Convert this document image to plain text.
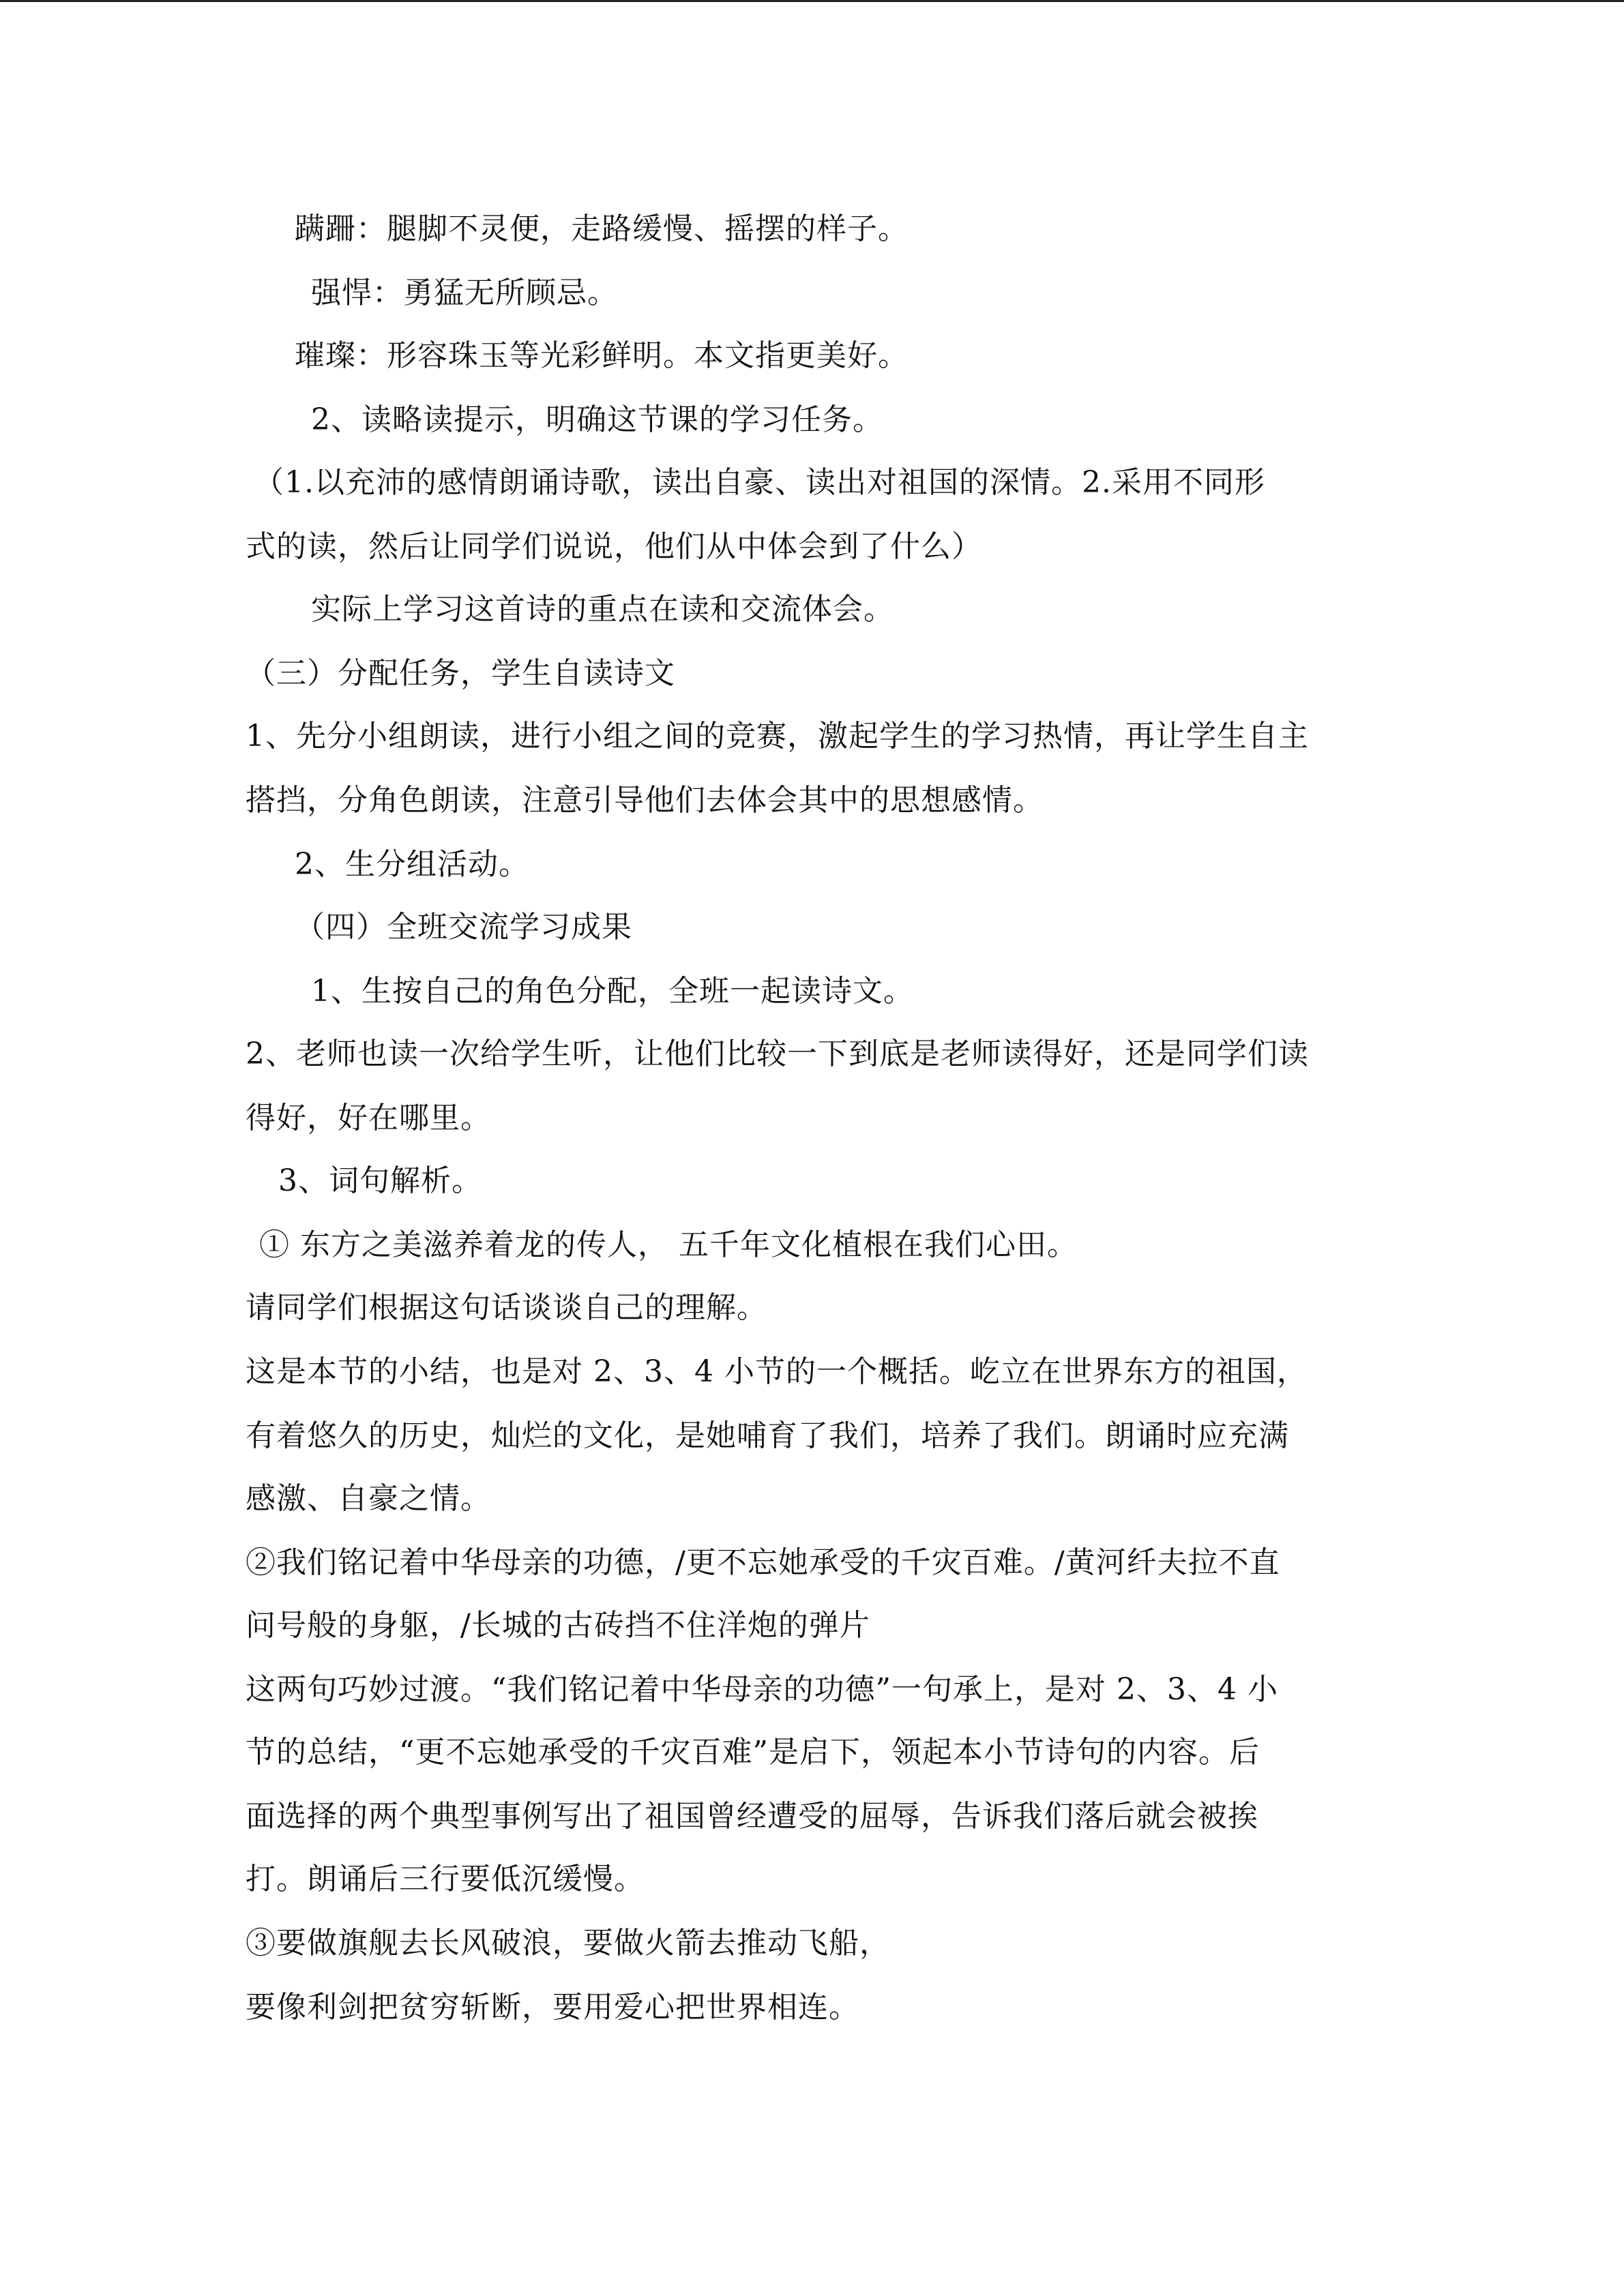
蹒跚：腿脚不灵便，走路缓慢、摇摆的样子。
强悍：勇猛无所顾忌。
璀璨：形容珠玉等光彩鲜明。本文指更美好。
2、读略读提示，明确这节课的学习任务。
（1.以充沛的感情朗诵诗歌，读出自豪、读出对祖国的深情。2.采用不同形
式的读，然后让同学们说说，他们从中体会到了什么）
实际上学习这首诗的重点在读和交流体会。
（三）分配任务，学生自读诗文
1、先分小组朗读，进行小组之间的竞赛，激起学生的学习热情，再让学生自主
搭挡，分角色朗读，注意引导他们去体会其中的思想感情。
2、生分组活动。
（四）全班交流学习成果
1、生按自己的角色分配，全班一起读诗文。
2、老师也读一次给学生听，让他们比较一下到底是老师读得好，还是同学们读
得好，好在哪里。
3、词句解析。
① 东方之美滋养着龙的传人， 五千年文化植根在我们心田。
请同学们根据这句话谈谈自己的理解。
这是本节的小结，也是对 2、3、4 小节的一个概括。屹立在世界东方的祖国，
有着悠久的历史，灿烂的文化，是她哺育了我们，培养了我们。朗诵时应充满
感激、自豪之情。
②我们铭记着中华母亲的功德，/更不忘她承受的千灾百难。/黄河纤夫拉不直
问号般的身躯，/长城的古砖挡不住洋炮的弹片
这两句巧妙过渡。“我们铭记着中华母亲的功德”一句承上，是对 2、3、4 小
节的总结，“更不忘她承受的千灾百难”是启下，领起本小节诗句的内容。后
面选择的两个典型事例写出了祖国曾经遭受的屈辱，告诉我们落后就会被挨
打。朗诵后三行要低沉缓慢。
③要做旗舰去长风破浪，要做火箭去推动飞船，
要像利剑把贫穷斩断，要用爱心把世界相连。
